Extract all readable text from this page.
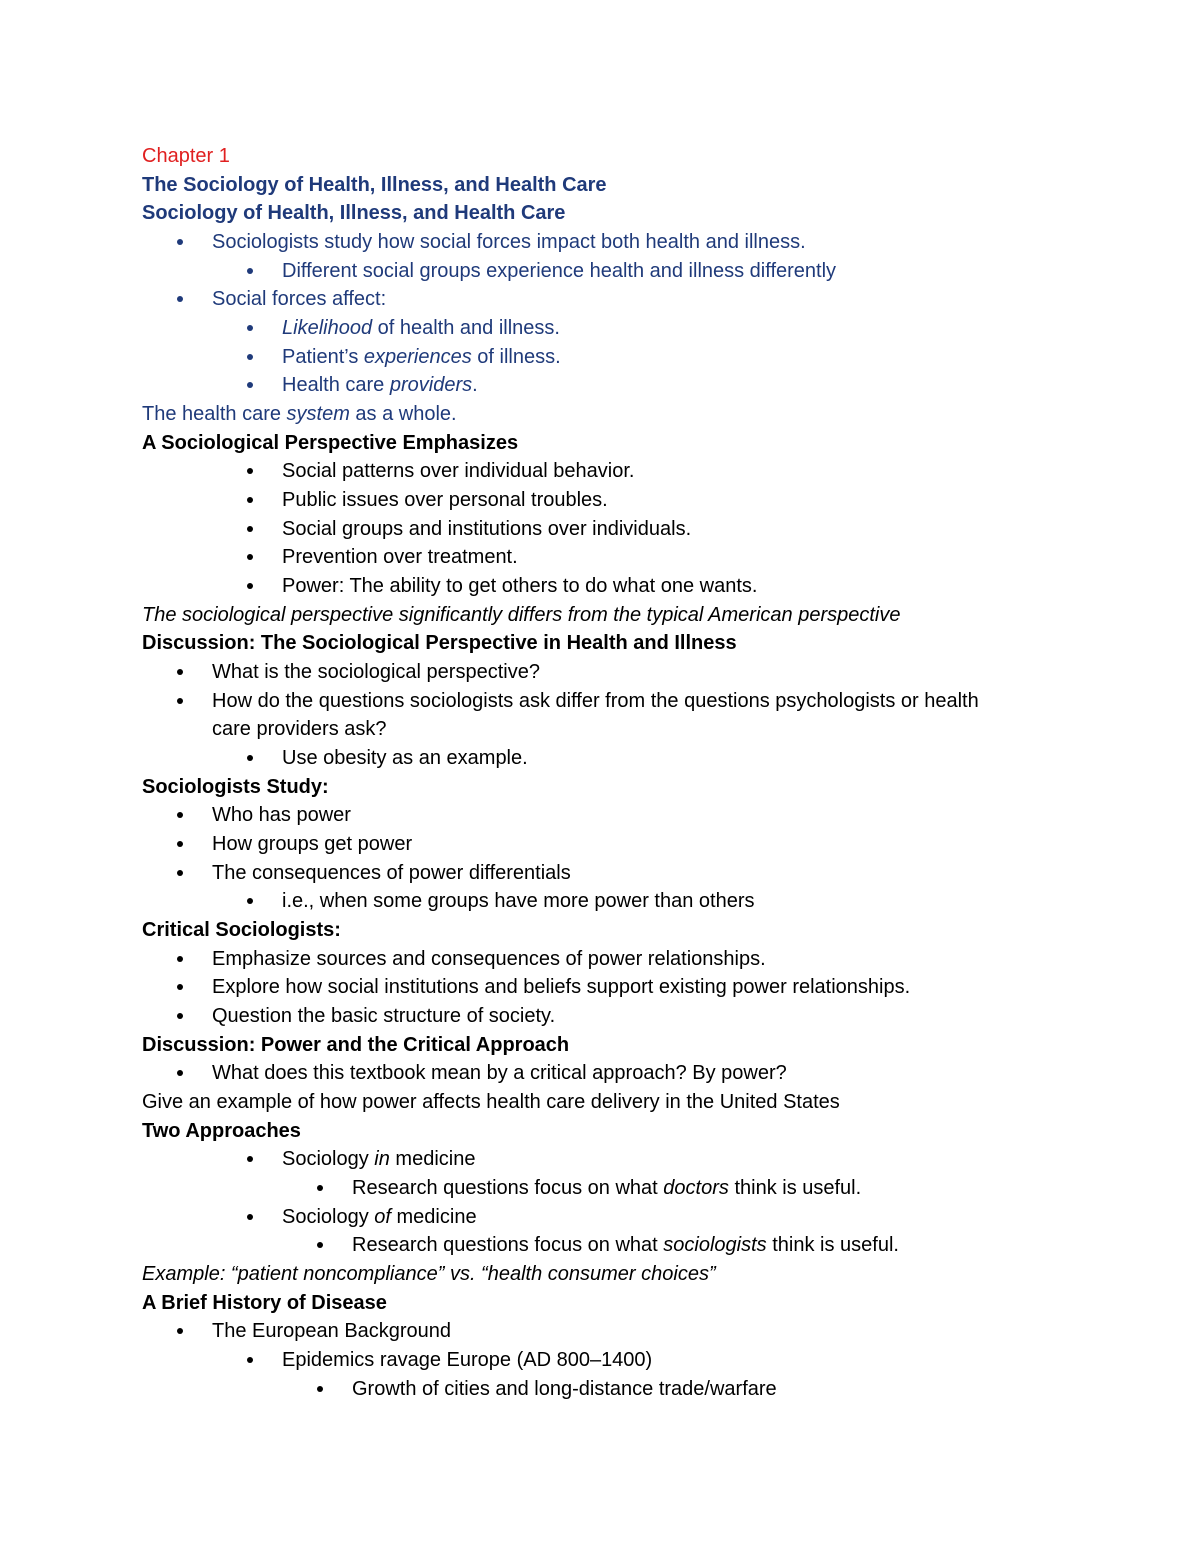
Chapter 1
The Sociology of Health, Illness, and Health Care
Sociology of Health, Illness, and Health Care
Sociologists study how social forces impact both health and illness.
Different social groups experience health and illness differently
Social forces affect:
Likelihood of health and illness.
Patient’s experiences of illness.
Health care providers.
The health care system as a whole.
A Sociological Perspective Emphasizes
Social patterns over individual behavior.
Public issues over personal troubles.
Social groups and institutions over individuals.
Prevention over treatment.
Power: The ability to get others to do what one wants.
The sociological perspective significantly differs from the typical American perspective
Discussion: The Sociological Perspective in Health and Illness
What is the sociological perspective?
How do the questions sociologists ask differ from the questions psychologists or health
care providers ask?
Use obesity as an example.
Sociologists Study:
Who has power
How groups get power
The consequences of power differentials
i.e., when some groups have more power than others
Critical Sociologists:
Emphasize sources and consequences of power relationships.
Explore how social institutions and beliefs support existing power relationships.
Question the basic structure of society.
Discussion: Power and the Critical Approach
What does this textbook mean by a critical approach? By power?
Give an example of how power affects health care delivery in the United States
Two Approaches
Sociology in medicine
Research questions focus on what doctors think is useful.
Sociology of medicine
Research questions focus on what sociologists think is useful.
Example: “patient noncompliance” vs. “health consumer choices”
A Brief History of Disease
The European Background
Epidemics ravage Europe (AD 800–1400)
Growth of cities and long-distance trade/warfare
